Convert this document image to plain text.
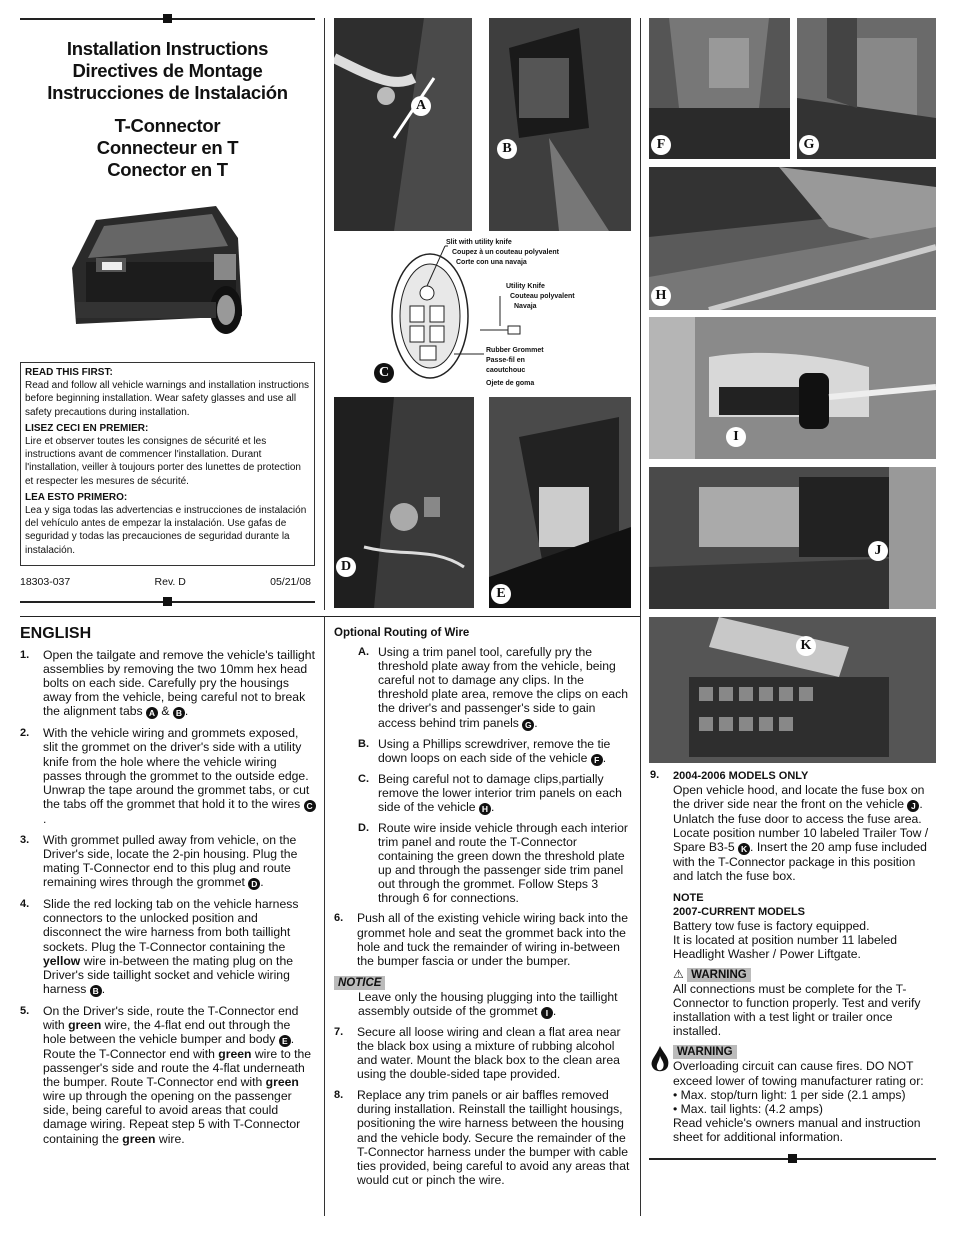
Installation Instructions
Directives de Montage
Instrucciones de Instalación
T-Connector
Connecteur en T
Conector en T

READ THIS FIRST:
Read and follow all vehicle warnings and installation instructions before beginning installation. Wear safety glasses and use all safety precautions during installation.

LISEZ CECI EN PREMIER:
Lire et observer toutes les consignes de sécurité et les instructions avant de commencer l'installation. Durant l'installation, veiller à toujours porter des lunettes de protection et respecter les mesures de sécurité.

LEA ESTO PRIMERO:
Lea y siga todas las advertencias e instrucciones de instalación del vehículo antes de empezar la instalación. Use gafas de seguridad y todas las precauciones de seguridad durante la instalación.

18303-037	Rev. D	05/21/08
A
B
Slit with utility knife
Coupez à un couteau polyvalent
Corte con una navaja
Utility Knife
Couteau polyvalent
Navaja
Rubber Grommet
Passe-fil en
caoutchouc
Ojete de goma
C
D
E
F	G
H
I
J
K
ENGLISH
1. Open the tailgate and remove the vehicle's taillight assemblies by removing the two 10mm hex head bolts on each side. Carefully pry the housings away from the vehicle, being careful not to break the alignment tabs A & B .
2. With the vehicle wiring and grommets exposed, slit the grommet on the driver's side with a utility knife from the hole where the vehicle wiring passes through the grommet to the outside edge. Unwrap the tape around the grommet tabs, or cut the tabs off the grommet that hold it to the wires C.
3. With grommet pulled away from vehicle, on the Driver's side, locate the 2-pin housing. Plug the mating T-Connector end to this plug and route remaining wires through the grommet D .
4. Slide the red locking tab on the vehicle harness connectors to the unlocked position and disconnect the wire harness from both taillight sockets. Plug the T-Connector containing the yellow wire in-between the mating plug on the Driver's side taillight socket and vehicle wiring harness B .
5. On the Driver's side, route the T-Connector end with green wire, the 4-flat end out through the hole between the vehicle bumper and body E . Route the T-Connector end with green wire to the passenger's side and route the 4-flat underneath the bumper. Route T-Connector end with green wire up through the opening on the passenger side, being careful to avoid areas that could damage wiring. Repeat step 5 with T-Connector containing the green wire.
Optional Routing of Wire
A. Using a trim panel tool, carefully pry the threshold plate away from the vehicle, being careful not to damage any clips. In the threshold plate area, remove the clips on each the driver's and passenger's side to gain access behind trim panels G .
B. Using a Phillips screwdriver, remove the tie down loops on each side of the vehicle F .
C. Being careful not to damage clips,partially remove the lower interior trim panels on each side of the vehicle H .
D. Route wire inside vehicle through each interior trim panel and route the T-Connector containing the green down the threshold plate up and through the passenger side trim panel out through the grommet. Follow Steps 3 through 6 for connections.
6. Push all of the existing vehicle wiring back into the grommet hole and seat the grommet back into the hole and tuck the remainder of wiring in-between the bumper fascia or under the bumper.
NOTICE
Leave only the housing plugging into the taillight assembly outside of the grommet I .
7. Secure all loose wiring and clean a flat area near the black box using a mixture of rubbing alcohol and water. Mount the black box to the clean area using the double-sided tape provided.
8. Replace any trim panels or air baffles removed during installation. Reinstall the taillight housings, positioning the wire harness between the housing and the vehicle body. Secure the remainder of the T-Connector harness under the bumper with cable ties provided, being careful to avoid any areas that would cut or pinch the wire.
9. 2004-2006 MODELS ONLY
Open vehicle hood, and locate the fuse box on the driver side near the front on the vehicle J . Unlatch the fuse door to access the fuse area. Locate position number 10 labeled Trailer Tow / Spare B3-5 K . Insert the 20 amp fuse included with the T-Connector package in this position and latch the fuse box.
NOTE
2007-CURRENT MODELS
Battery tow fuse is factory equipped.
It is located at position number 11 labeled Headlight Washer / Power Liftgate.
⚠ WARNING
All connections must be complete for the T-Connector to function properly. Test and verify installation with a test light or trailer once installed.
WARNING
Overloading circuit can cause fires. DO NOT exceed lower of towing manufacturer rating or:
• Max. stop/turn light: 1 per side (2.1 amps)
• Max. tail lights: (4.2 amps)
Read vehicle's owners manual and instruction sheet for additional information.
